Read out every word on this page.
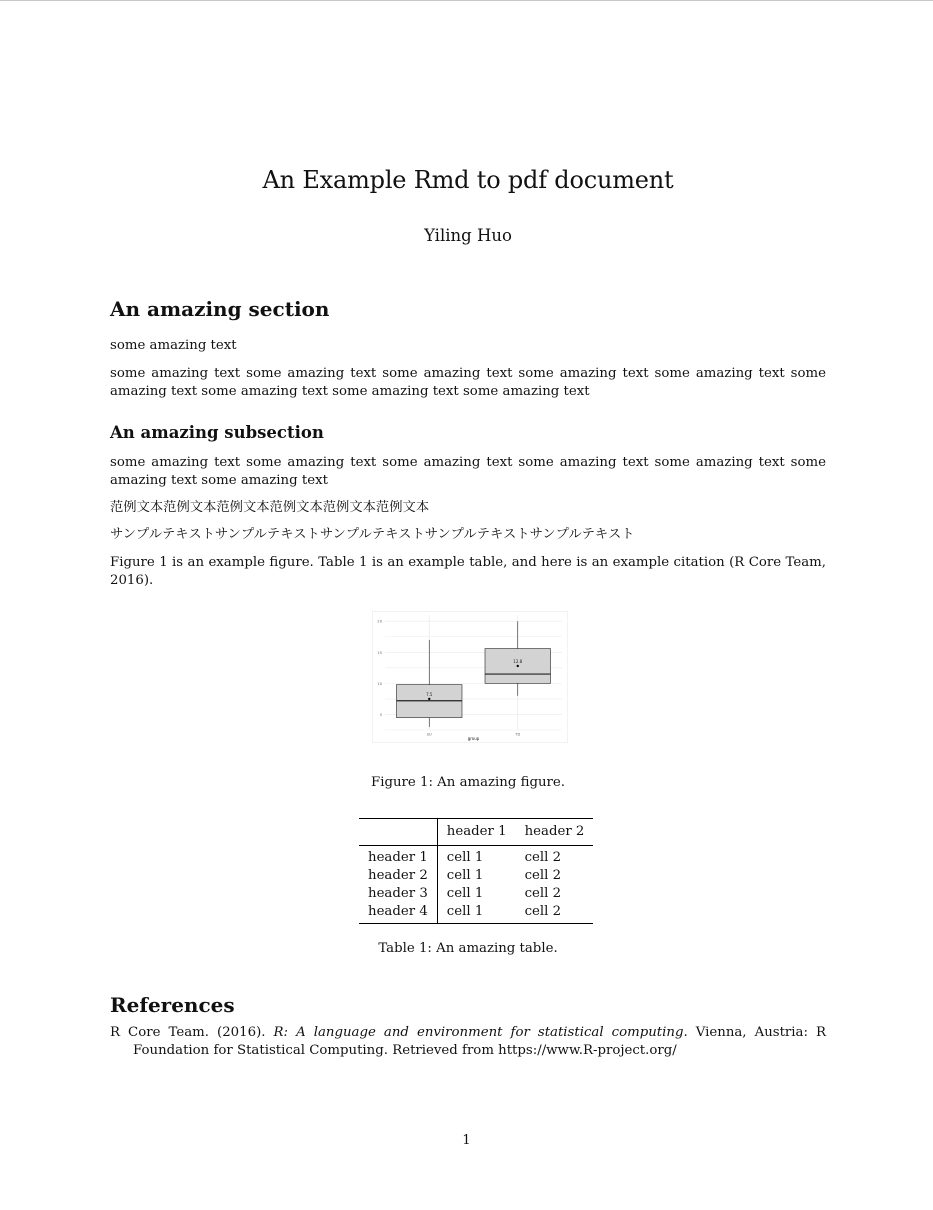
An Example Rmd to pdf document
Yiling Huo
An amazing section

some amazing text

some amazing text some amazing text some amazing text some amazing text some amazing text some amazing text some amazing text some amazing text some amazing text

An amazing subsection

some amazing text some amazing text some amazing text some amazing text some amazing text some amazing text some amazing text

范例文本范例文本范例文本范例文本范例文本范例文本

サンプルテキストサンプルテキストサンプルテキストサンプルテキストサンプルテキスト

Figure 1 is an example figure. Table 1 is an example table, and here is an example citation (R Core Team, 2016).

5
10
15
20
7.5
SU
12.8
TD
group
Figure 1: An amazing figure.
	header 1	header 2
header 1	cell 1	cell 2
header 2	cell 1	cell 2
header 3	cell 1	cell 2
header 4	cell 1	cell 2
Table 1: An amazing table.
References
R Core Team. (2016). R: A language and environment for statistical computing. Vienna, Austria: R Foundation for Statistical Computing. Retrieved from https://www.R-project.org/
1
